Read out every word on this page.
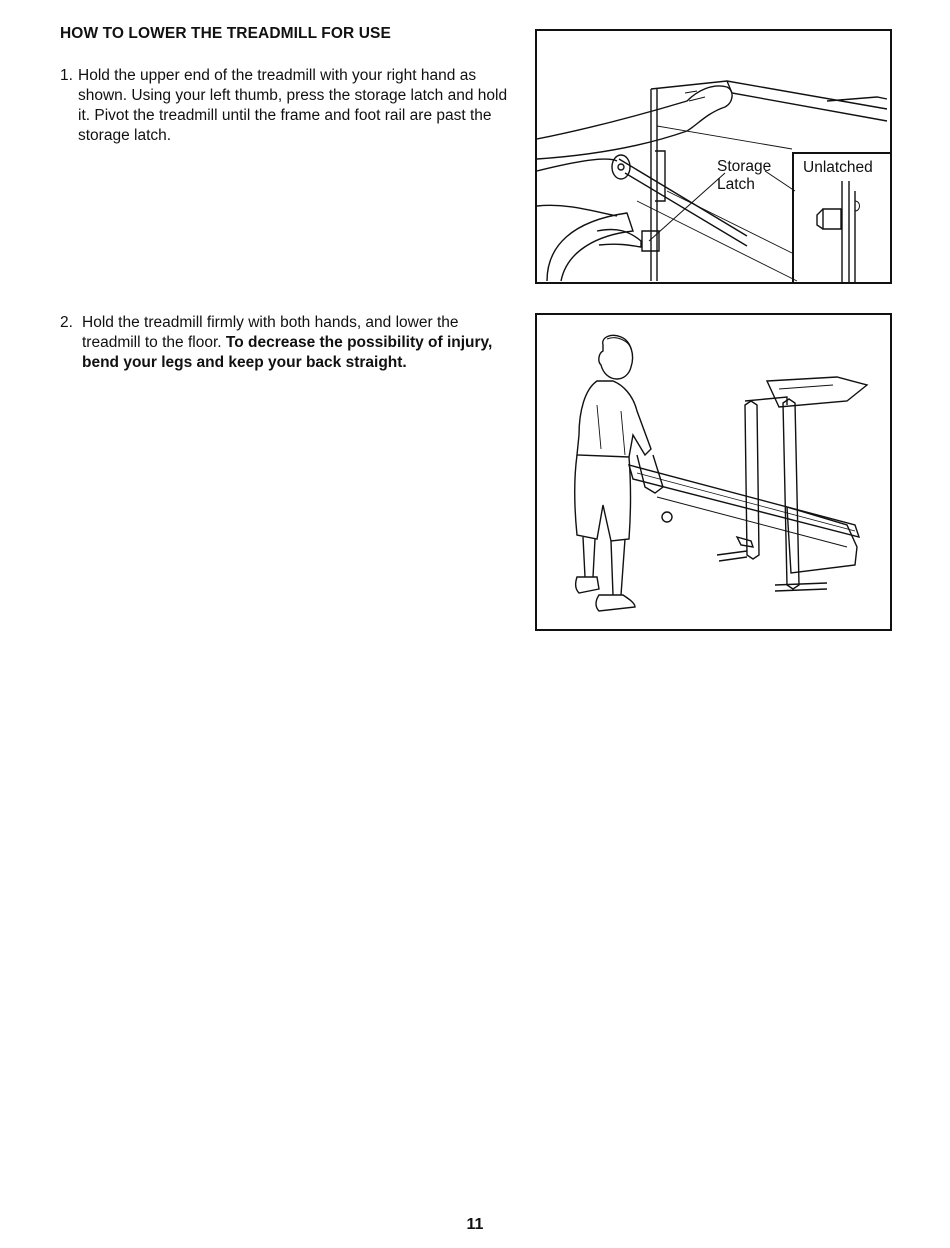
HOW TO LOWER THE TREADMILL FOR USE
1. Hold the upper end of the treadmill with your right hand as shown. Using your left thumb, press the storage latch and hold it. Pivot the treadmill until the frame and foot rail are past the storage latch.
2. Hold the treadmill firmly with both hands, and lower the treadmill to the floor. To decrease the possibility of injury, bend your legs and keep your back straight.
Storage
Latch
Unlatched
11
